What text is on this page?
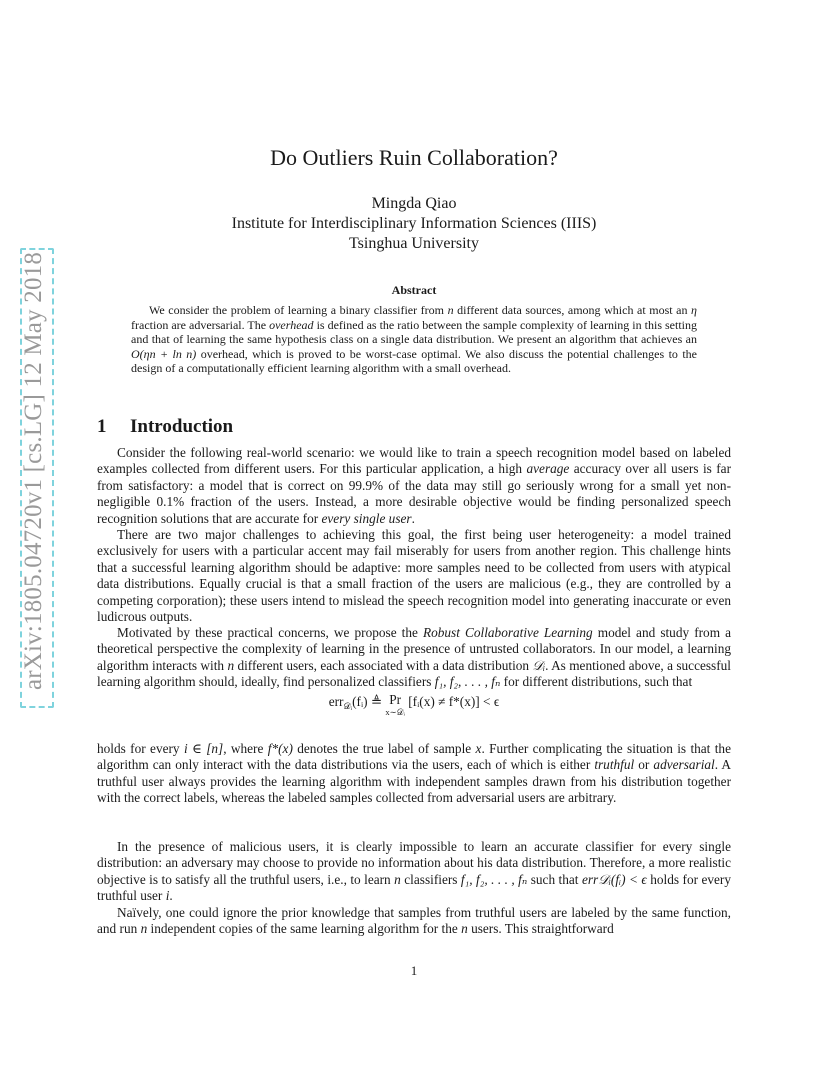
arXiv:1805.04720v1 [cs.LG] 12 May 2018
Do Outliers Ruin Collaboration?
Mingda Qiao
Institute for Interdisciplinary Information Sciences (IIIS)
Tsinghua University
Abstract

We consider the problem of learning a binary classifier from n different data sources, among which at most an η fraction are adversarial. The overhead is defined as the ratio between the sample complexity of learning in this setting and that of learning the same hypothesis class on a single data distribution. We present an algorithm that achieves an O(ηn + ln n) overhead, which is proved to be worst-case optimal. We also discuss the potential challenges to the design of a computationally efficient learning algorithm with a small overhead.

1 Introduction

Consider the following real-world scenario: we would like to train a speech recognition model based on labeled examples collected from different users. For this particular application, a high average accuracy over all users is far from satisfactory: a model that is correct on 99.9% of the data may still go seriously wrong for a small yet non-negligible 0.1% fraction of the users. Instead, a more desirable objective would be finding personalized speech recognition solutions that are accurate for every single user.

There are two major challenges to achieving this goal, the first being user heterogeneity: a model trained exclusively for users with a particular accent may fail miserably for users from another region. This challenge hints that a successful learning algorithm should be adaptive: more samples need to be collected from users with atypical data distributions. Equally crucial is that a small fraction of the users are malicious (e.g., they are controlled by a competing corporation); these users intend to mislead the speech recognition model into generating inaccurate or even ludicrous outputs.

Motivated by these practical concerns, we propose the Robust Collaborative Learning model and study from a theoretical perspective the complexity of learning in the presence of untrusted collaborators. In our model, a learning algorithm interacts with n different users, each associated with a data distribution 𝒟ᵢ. As mentioned above, a successful learning algorithm should, ideally, find personalized classifiers f₁, f₂, . . . , fₙ for different distributions, such that

err$_{𝒟ᵢ}$(fᵢ) ≜ Pr
x∼𝒟ᵢ
[fᵢ(x) ≠ f*(x)] < ϵ

holds for every i ∈ [n], where f*(x) denotes the true label of sample x. Further complicating the situation is that the algorithm can only interact with the data distributions via the users, each of which is either truthful or adversarial. A truthful user always provides the learning algorithm with independent samples drawn from his distribution together with the correct labels, whereas the labeled samples collected from adversarial users are arbitrary.

In the presence of malicious users, it is clearly impossible to learn an accurate classifier for every single distribution: an adversary may choose to provide no information about his data distribution. Therefore, a more realistic objective is to satisfy all the truthful users, i.e., to learn n classifiers f₁, f₂, . . . , fₙ such that err𝒟ᵢ(fᵢ) < ϵ holds for every truthful user i.

Naïvely, one could ignore the prior knowledge that samples from truthful users are labeled by the same function, and run n independent copies of the same learning algorithm for the n users. This straightforward

1
